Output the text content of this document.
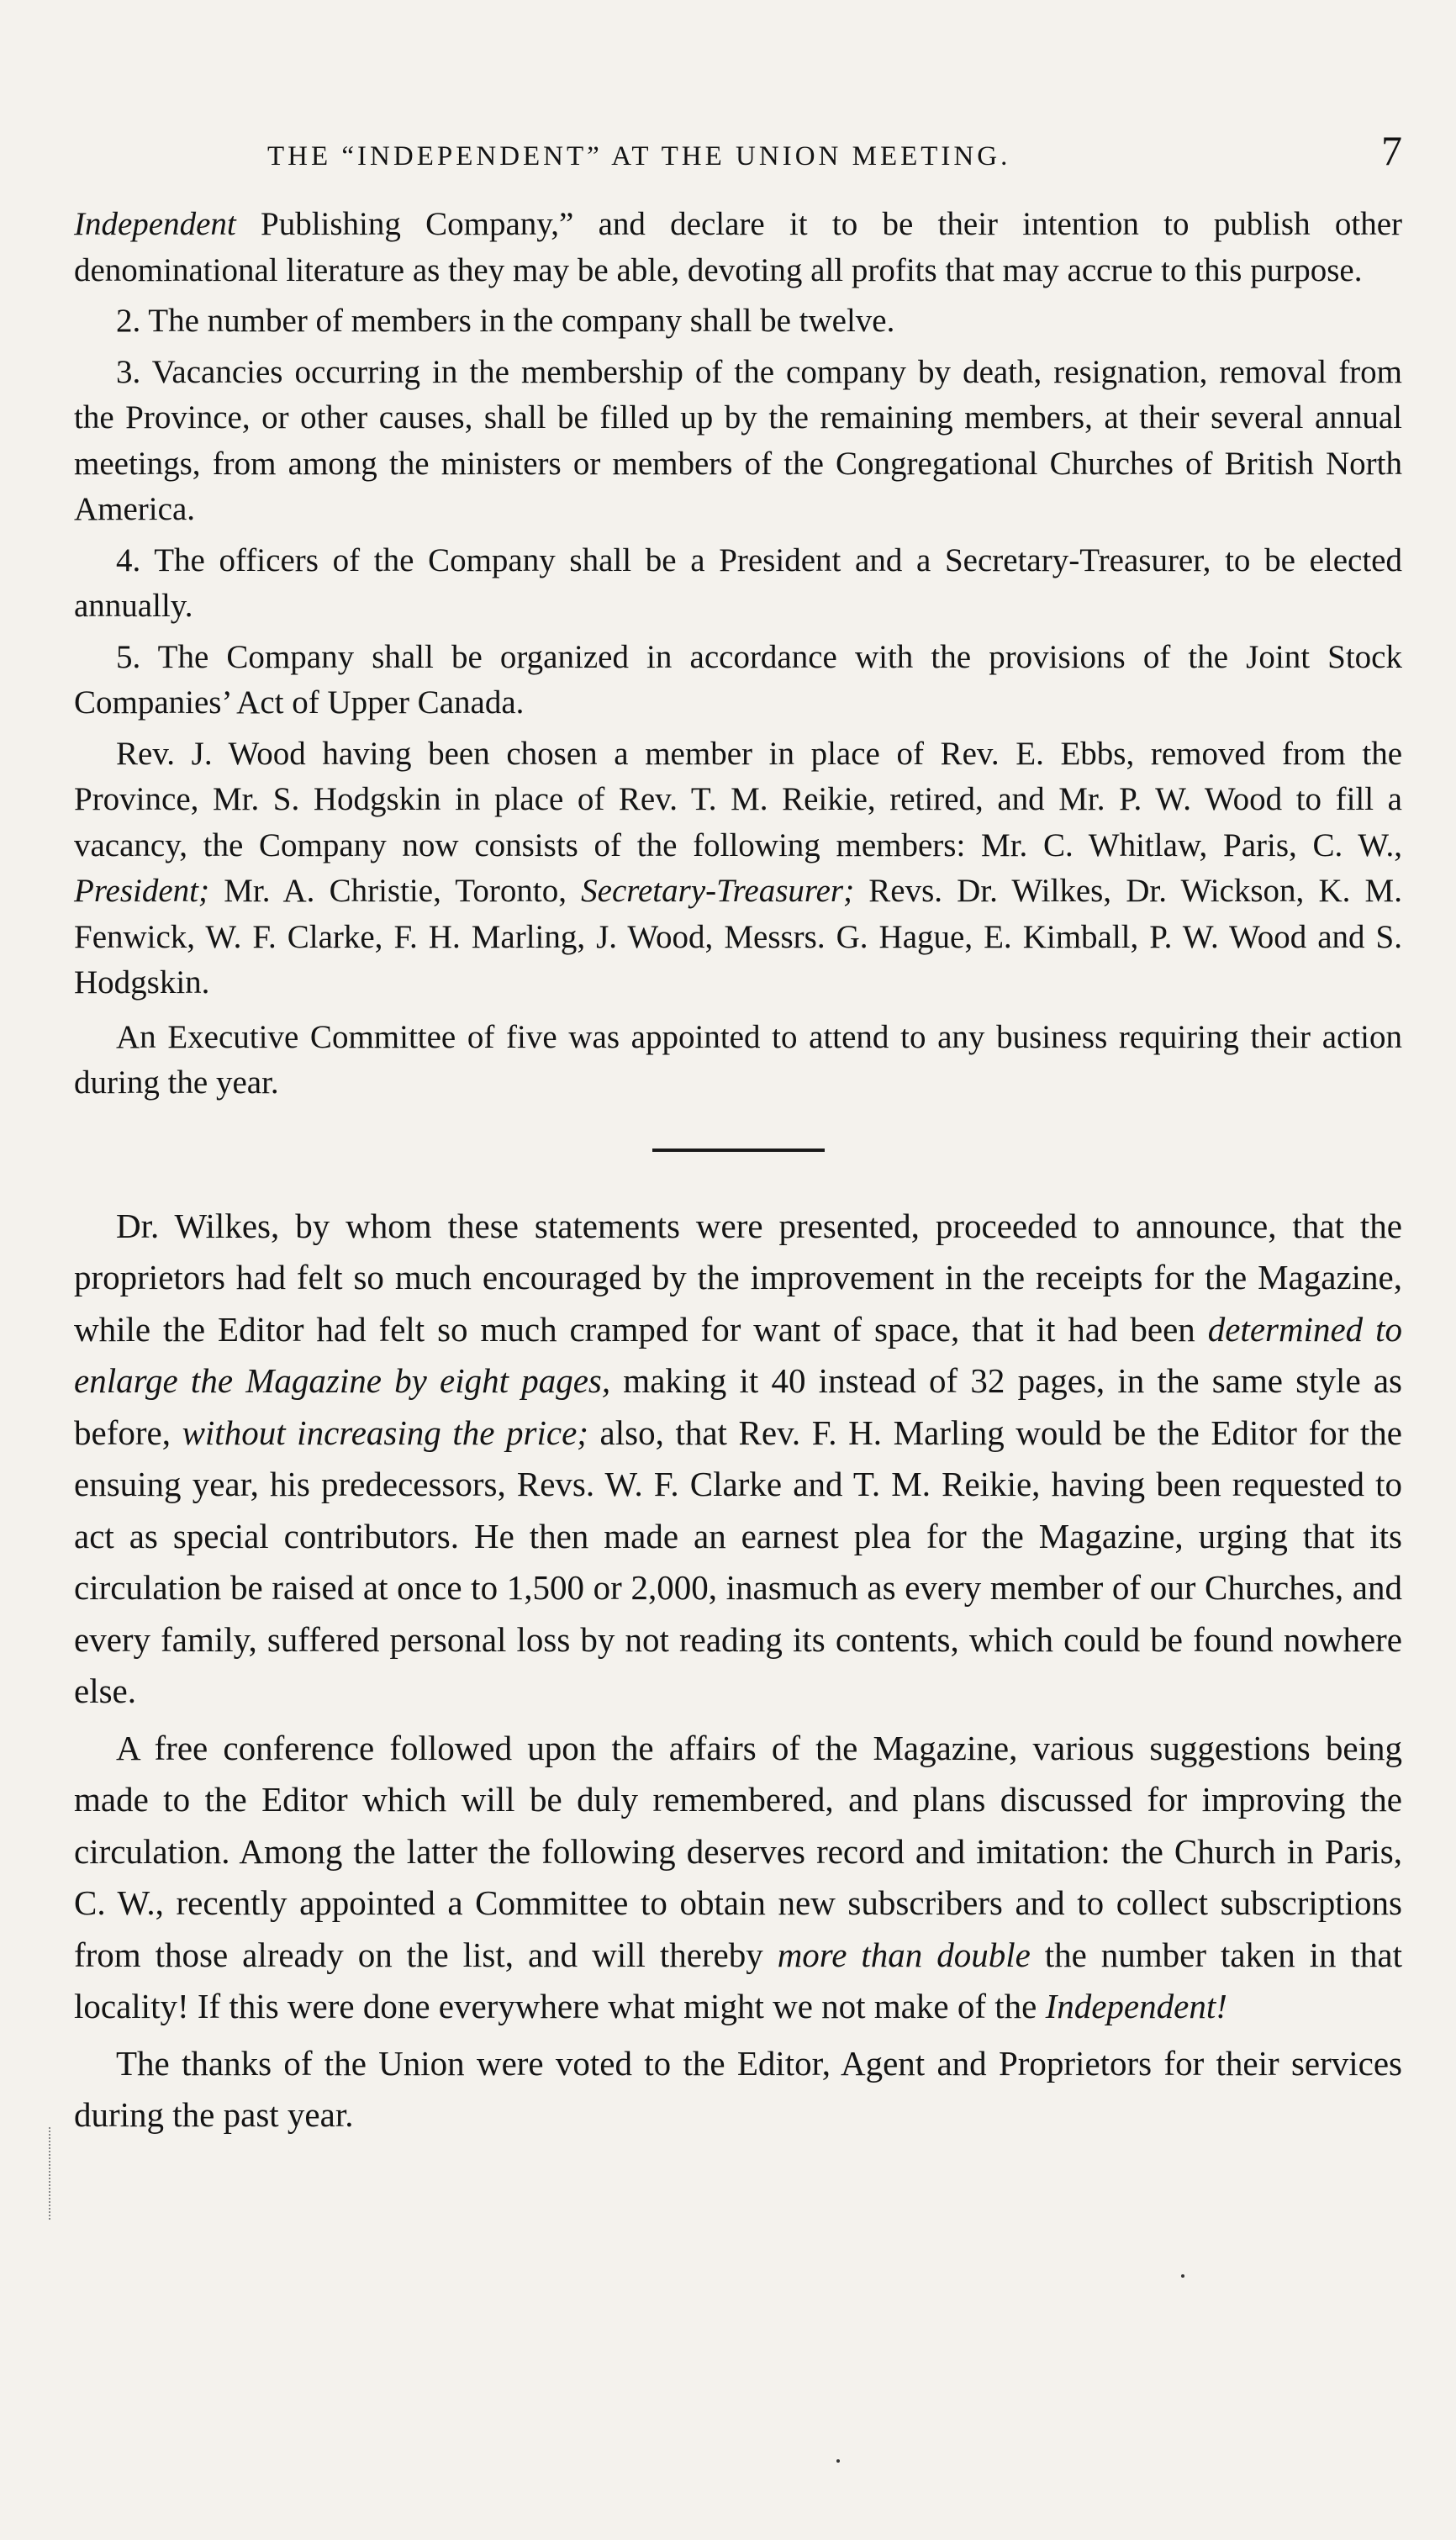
THE “INDEPENDENT” AT THE UNION MEETING.	7

Independent Publishing Company,” and declare it to be their intention to publish other denominational literature as they may be able, devoting all profits that may accrue to this purpose.

2. The number of members in the company shall be twelve.

3. Vacancies occurring in the membership of the company by death, resignation, removal from the Province, or other causes, shall be filled up by the remaining members, at their several annual meetings, from among the ministers or members of the Congregational Churches of British North America.

4. The officers of the Company shall be a President and a Secretary-Treasurer, to be elected annually.

5. The Company shall be organized in accordance with the provisions of the Joint Stock Companies’ Act of Upper Canada.

Rev. J. Wood having been chosen a member in place of Rev. E. Ebbs, removed from the Province, Mr. S. Hodgskin in place of Rev. T. M. Reikie, retired, and Mr. P. W. Wood to fill a vacancy, the Company now consists of the following members: Mr. C. Whitlaw, Paris, C. W., President; Mr. A. Christie, Toronto, Secretary-Treasurer; Revs. Dr. Wilkes, Dr. Wickson, K. M. Fenwick, W. F. Clarke, F. H. Marling, J. Wood, Messrs. G. Hague, E. Kimball, P. W. Wood and S. Hodgskin.

An Executive Committee of five was appointed to attend to any business requiring their action during the year.

Dr. Wilkes, by whom these statements were presented, proceeded to announce, that the proprietors had felt so much encouraged by the improvement in the receipts for the Magazine, while the Editor had felt so much cramped for want of space, that it had been determined to enlarge the Magazine by eight pages, making it 40 instead of 32 pages, in the same style as before, without increasing the price; also, that Rev. F. H. Marling would be the Editor for the ensuing year, his predecessors, Revs. W. F. Clarke and T. M. Reikie, having been requested to act as special contributors. He then made an earnest plea for the Magazine, urging that its circulation be raised at once to 1,500 or 2,000, inasmuch as every member of our Churches, and every family, suffered personal loss by not reading its contents, which could be found nowhere else.

A free conference followed upon the affairs of the Magazine, various suggestions being made to the Editor which will be duly remembered, and plans discussed for improving the circulation. Among the latter the following deserves record and imitation: the Church in Paris, C. W., recently appointed a Committee to obtain new subscribers and to collect subscriptions from those already on the list, and will thereby more than double the number taken in that locality! If this were done everywhere what might we not make of the Independent!

The thanks of the Union were voted to the Editor, Agent and Proprietors for their services during the past year.
